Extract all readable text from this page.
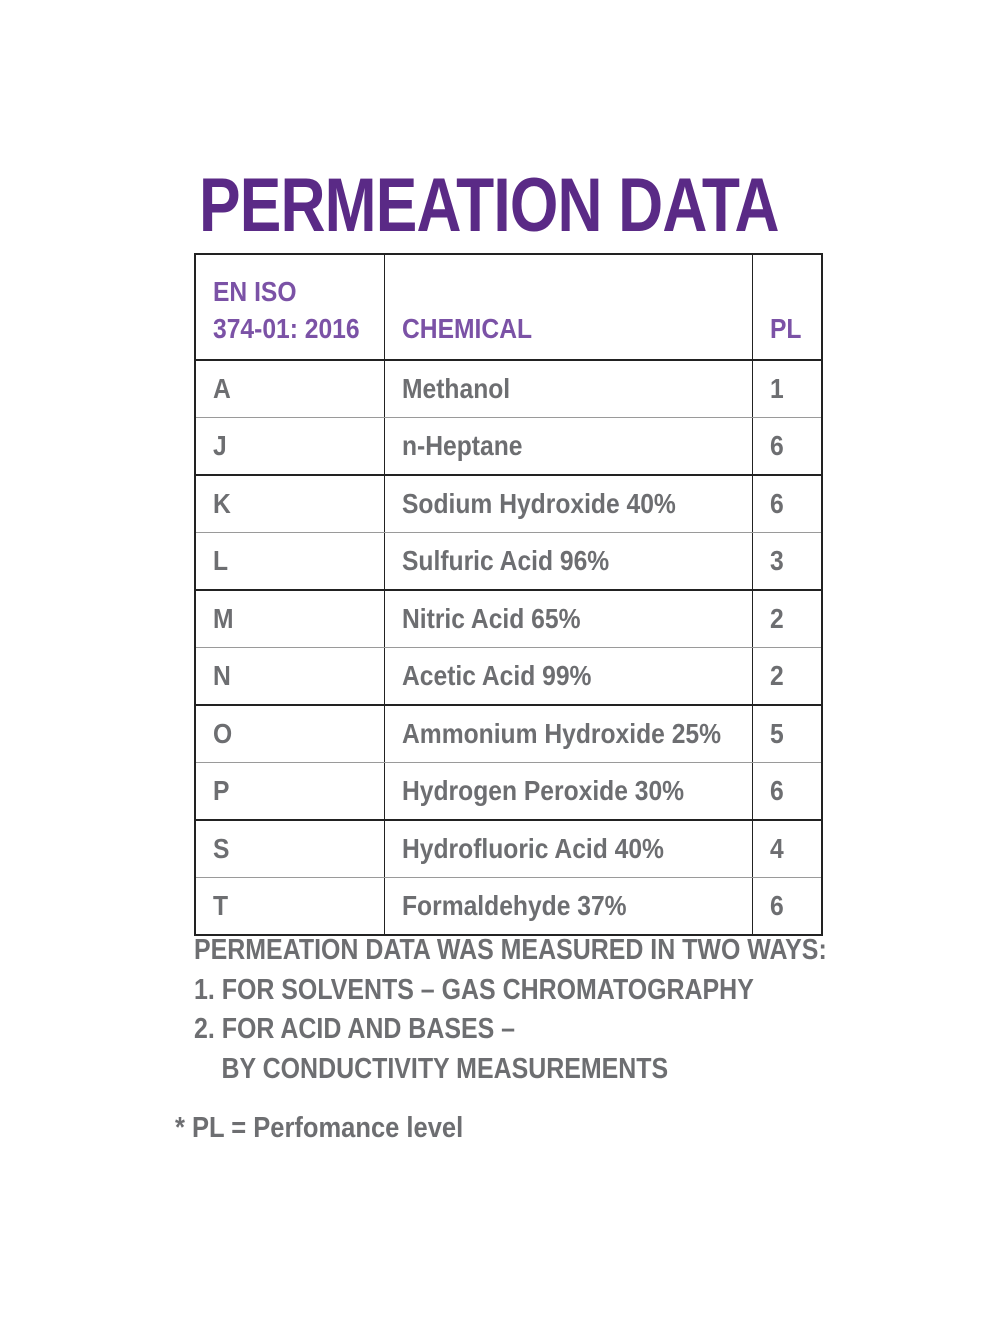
PERMEATION DATA
EN ISO
374-01: 2016	CHEMICAL	PL

A	Methanol	1
J	n-Heptane	6
K	Sodium Hydroxide 40%	6
L	Sulfuric Acid 96%	3
M	Nitric Acid 65%	2
N	Acetic Acid 99%	2
O	Ammonium Hydroxide 25%	5
P	Hydrogen Peroxide 30%	6
S	Hydrofluoric Acid 40%	4
T	Formaldehyde 37%	6
PERMEATION DATA WAS MEASURED IN TWO WAYS:
1. FOR SOLVENTS – GAS CHROMATOGRAPHY
2. FOR ACID AND BASES –
BY CONDUCTIVITY MEASUREMENTS
* PL = Perfomance level
